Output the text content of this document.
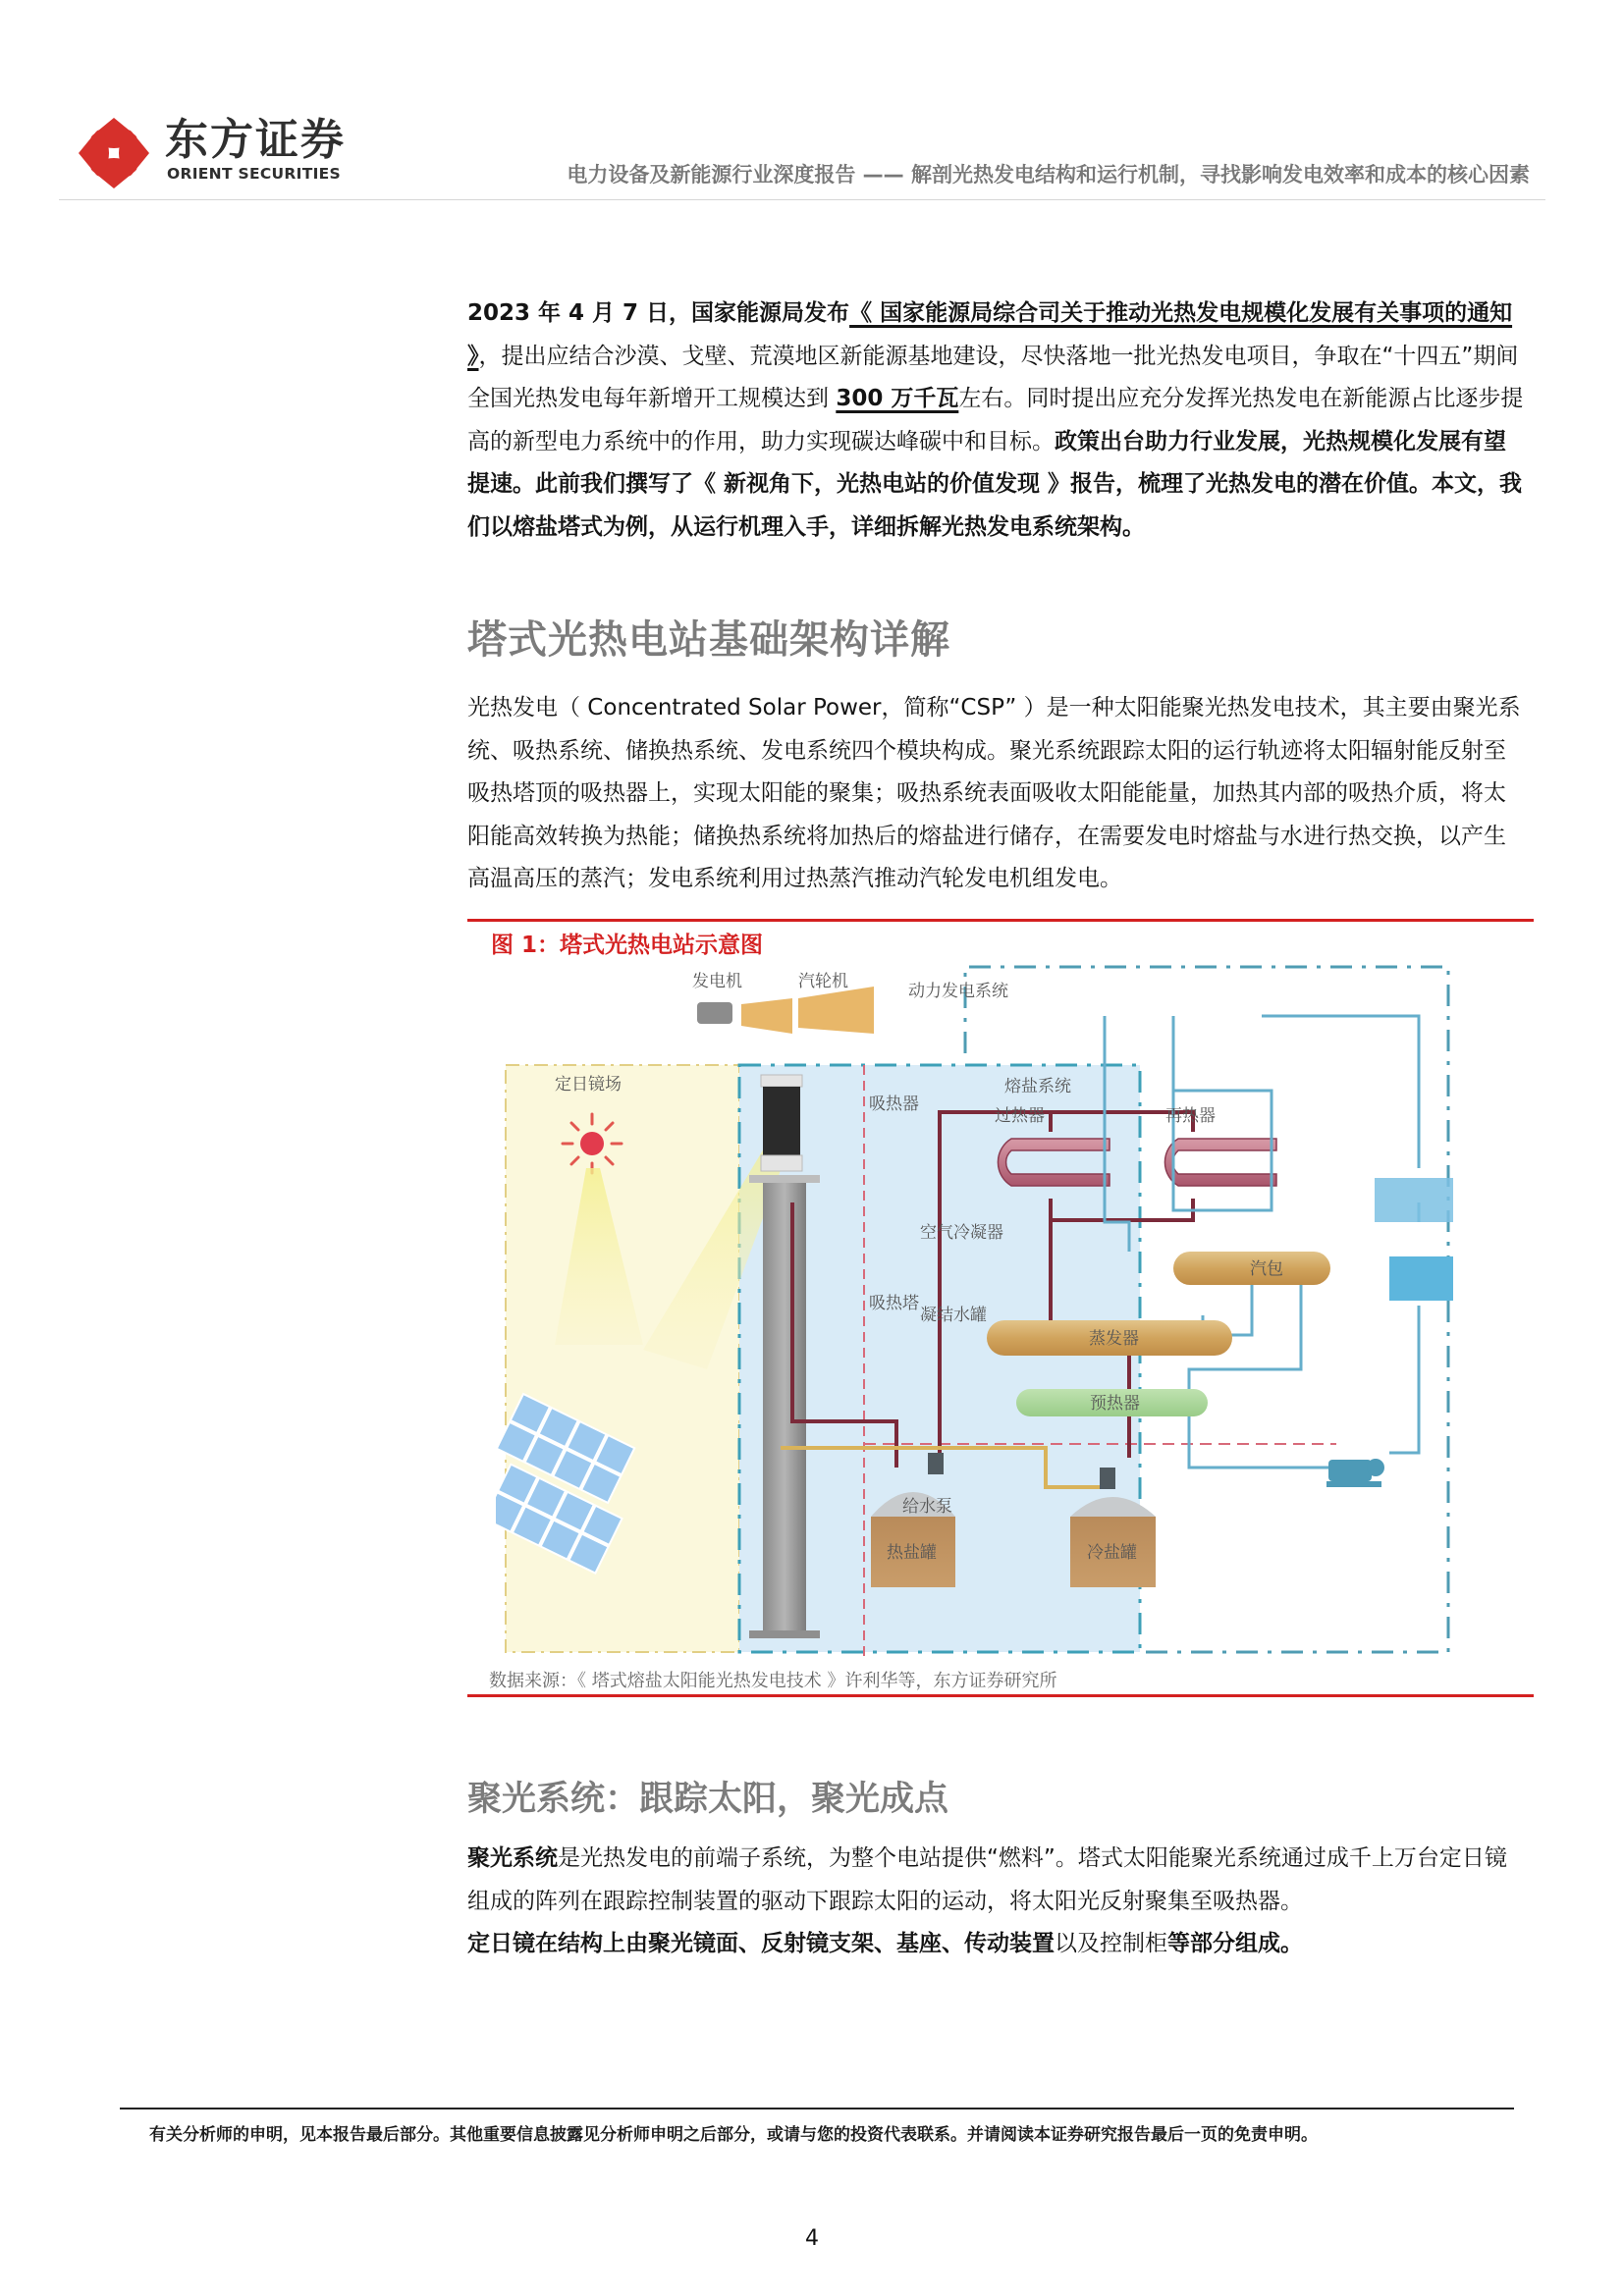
东方证券
ORIENT SECURITIES	电力设备及新能源行业深度报告 —— 解剖光热发电结构和运行机制，寻找影响发电效率和成本的核心因素

2023 年 4 月 7 日，国家能源局发布《 国家能源局综合司关于推动光热发电规模化发展有关事项的通知 》，提出应结合沙漠、戈壁、荒漠地区新能源基地建设，尽快落地一批光热发电项目，争取在“十四五”期间全国光热发电每年新增开工规模达到 300 万千瓦左右。同时提出应充分发挥光热发电在新能源占比逐步提高的新型电力系统中的作用，助力实现碳达峰碳中和目标。政策出台助力行业发展，光热规模化发展有望提速。此前我们撰写了《 新视角下，光热电站的价值发现 》报告，梳理了光热发电的潜在价值。本文，我们以熔盐塔式为例，从运行机理入手，详细拆解光热发电系统架构。

塔式光热电站基础架构详解

光热发电（ Concentrated Solar Power，简称“CSP” ）是一种太阳能聚光热发电技术，其主要由聚光系统、吸热系统、储换热系统、发电系统四个模块构成。聚光系统跟踪太阳的运行轨迹将太阳辐射能反射至吸热塔顶的吸热器上，实现太阳能的聚集；吸热系统表面吸收太阳能能量，加热其内部的吸热介质，将太阳能高效转换为热能；储换热系统将加热后的熔盐进行储存，在需要发电时熔盐与水进行热交换，以产生高温高压的蒸汽；发电系统利用过热蒸汽推动汽轮发电机组发电。

图 1：塔式光热电站示意图
定日镜场
吸热器
吸热塔
熔盐系统
过热器	再热器
汽包
蒸发器
预热器
热盐罐	冷盐罐
发电机	汽轮机	动力发电系统
空气冷凝器
凝结水罐
给水泵
数据来源：《 塔式熔盐太阳能光热发电技术 》许利华等，东方证券研究所
聚光系统：跟踪太阳，聚光成点

聚光系统是光热发电的前端子系统，为整个电站提供“燃料”。塔式太阳能聚光系统通过成千上万台定日镜组成的阵列在跟踪控制装置的驱动下跟踪太阳的运动，将太阳光反射聚集至吸热器。
定日镜在结构上由聚光镜面、反射镜支架、基座、传动装置以及控制柜等部分组成。

有关分析师的申明，见本报告最后部分。其他重要信息披露见分析师申明之后部分，或请与您的投资代表联系。并请阅读本证券研究报告最后一页的免责申明。
4
